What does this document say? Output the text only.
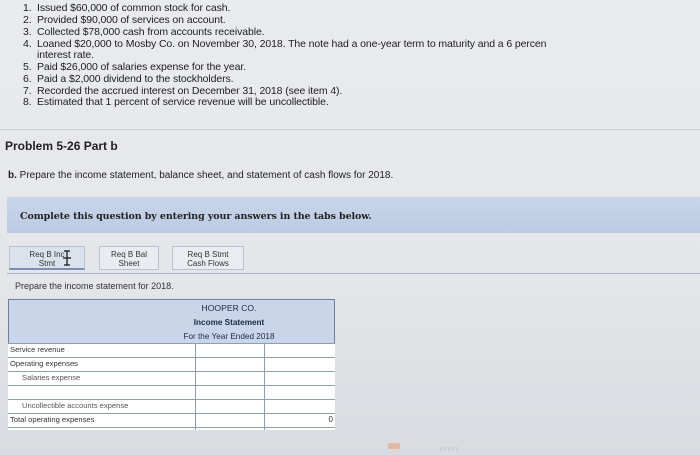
1. Issued $60,000 of common stock for cash.
2. Provided $90,000 of services on account.
3. Collected $78,000 cash from accounts receivable.
4. Loaned $20,000 to Mosby Co. on November 30, 2018. The note had a one-year term to maturity and a 6 percen
interest rate.
5. Paid $26,000 of salaries expense for the year.
6. Paid a $2,000 dividend to the stockholders.
7. Recorded the accrued interest on December 31, 2018 (see item 4).
8. Estimated that 1 percent of service revenue will be uncollectible.
Problem 5-26 Part b
b. Prepare the income statement, balance sheet, and statement of cash flows for 2018.
Complete this question by entering your answers in the tabs below.
Req B Inc
Stmt
Req B Bal
Sheet
Req B Stmt
Cash Flows
Prepare the income statement for 2018.
HOOPER CO.
Income Statement
For the Year Ended 2018
Service revenue
Operating expenses
Salaries expense
Uncollectible accounts expense
Total operating expenses	0
